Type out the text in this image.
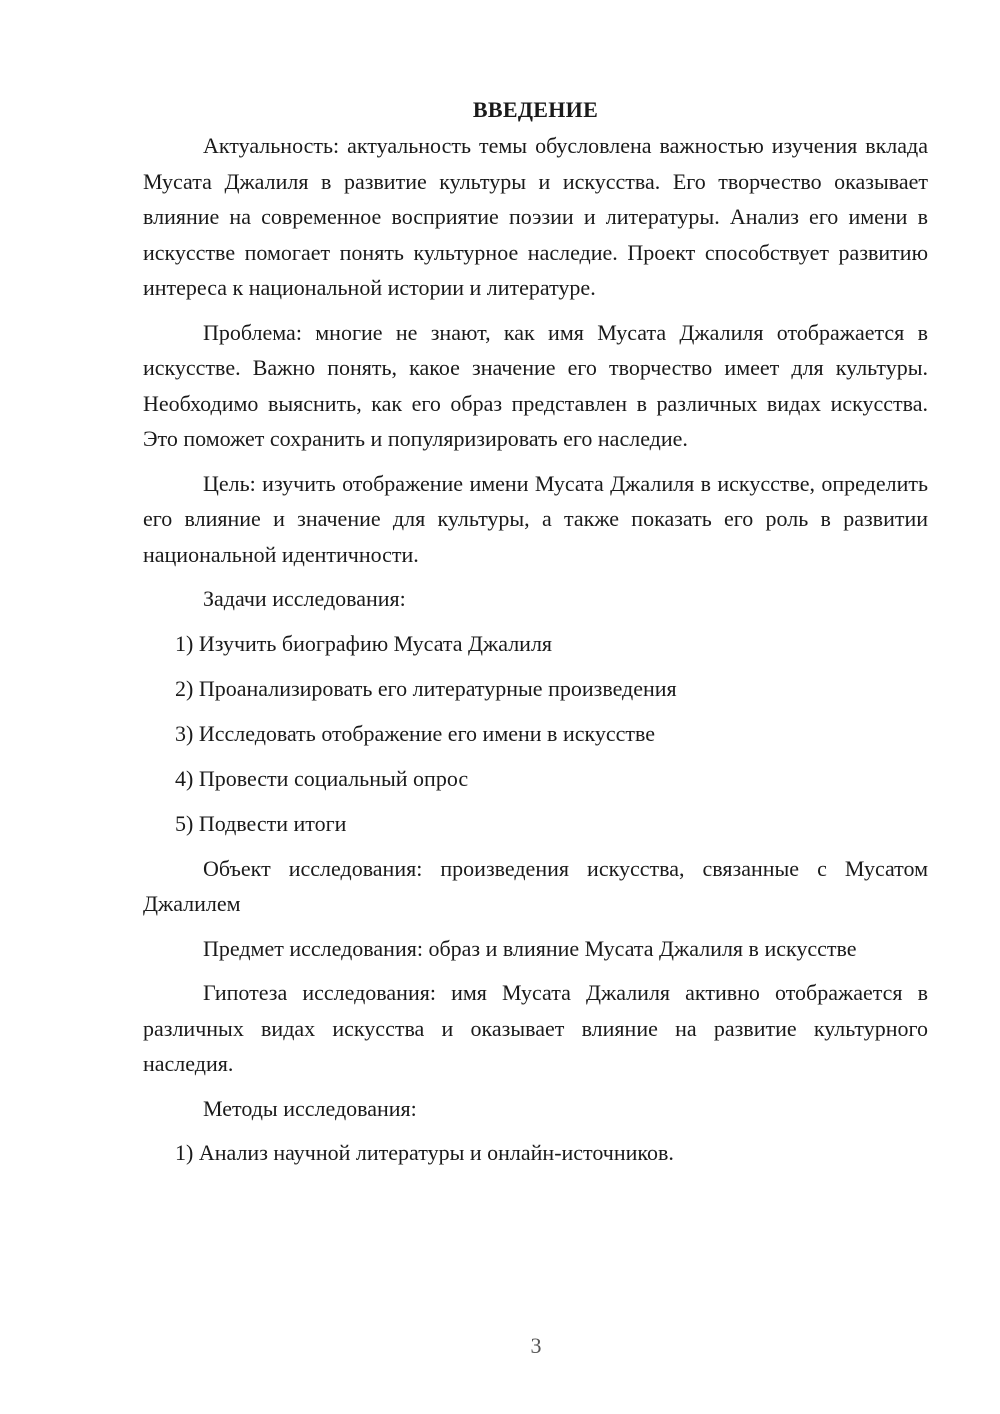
ВВЕДЕНИЕ

Актуальность: актуальность темы обусловлена важностью изучения вклада Мусата Джалиля в развитие культуры и искусства. Его творчество оказывает влияние на современное восприятие поэзии и литературы. Анализ его имени в искусстве помогает понять культурное наследие. Проект способствует развитию интереса к национальной истории и литературе.

Проблема: многие не знают, как имя Мусата Джалиля отображается в искусстве. Важно понять, какое значение его творчество имеет для культуры. Необходимо выяснить, как его образ представлен в различных видах искусства. Это поможет сохранить и популяризировать его наследие.

Цель: изучить отображение имени Мусата Джалиля в искусстве, определить его влияние и значение для культуры, а также показать его роль в развитии национальной идентичности.

Задачи исследования:

1) Изучить биографию Мусата Джалиля
2) Проанализировать его литературные произведения
3) Исследовать отображение его имени в искусстве
4) Провести социальный опрос
5) Подвести итоги

Объект исследования: произведения искусства, связанные с Мусатом Джалилем

Предмет исследования: образ и влияние Мусата Джалиля в искусстве

Гипотеза исследования: имя Мусата Джалиля активно отображается в различных видах искусства и оказывает влияние на развитие культурного наследия.

Методы исследования:

1) Анализ научной литературы и онлайн-источников.
3
